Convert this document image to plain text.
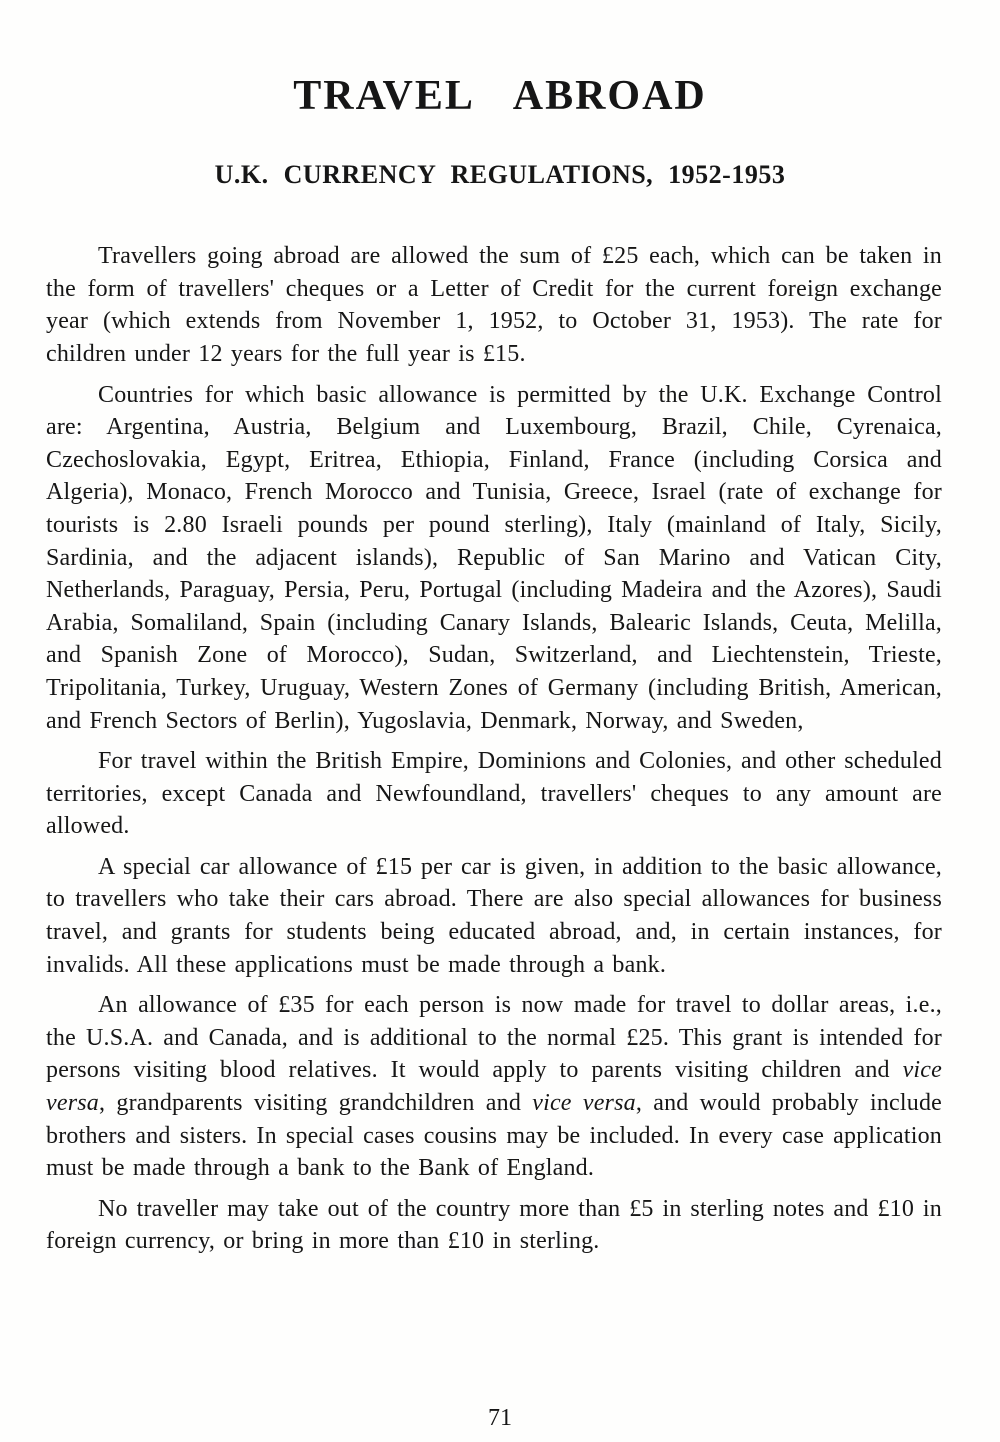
TRAVEL ABROAD
U.K. CURRENCY REGULATIONS, 1952-1953

Travellers going abroad are allowed the sum of £25 each, which can be taken in the form of travellers' cheques or a Letter of Credit for the current foreign exchange year (which extends from November 1, 1952, to October 31, 1953). The rate for children under 12 years for the full year is £15.

Countries for which basic allowance is permitted by the U.K. Exchange Control are: Argentina, Austria, Belgium and Luxembourg, Brazil, Chile, Cyrenaica, Czechoslovakia, Egypt, Eritrea, Ethiopia, Finland, France (including Corsica and Algeria), Monaco, French Morocco and Tunisia, Greece, Israel (rate of exchange for tourists is 2.80 Israeli pounds per pound sterling), Italy (mainland of Italy, Sicily, Sardinia, and the adjacent islands), Republic of San Marino and Vatican City, Netherlands, Paraguay, Persia, Peru, Portugal (including Madeira and the Azores), Saudi Arabia, Somaliland, Spain (including Canary Islands, Balearic Islands, Ceuta, Melilla, and Spanish Zone of Morocco), Sudan, Switzerland, and Liechtenstein, Trieste, Tripolitania, Turkey, Uruguay, Western Zones of Germany (including British, American, and French Sectors of Berlin), Yugoslavia, Denmark, Norway, and Sweden,

For travel within the British Empire, Dominions and Colonies, and other scheduled territories, except Canada and Newfoundland, travellers' cheques to any amount are allowed.

A special car allowance of £15 per car is given, in addition to the basic allowance, to travellers who take their cars abroad. There are also special allowances for business travel, and grants for students being educated abroad, and, in certain instances, for invalids. All these applications must be made through a bank.

An allowance of £35 for each person is now made for travel to dollar areas, i.e., the U.S.A. and Canada, and is additional to the normal £25. This grant is intended for persons visiting blood relatives. It would apply to parents visiting children and vice versa, grandparents visiting grandchildren and vice versa, and would probably include brothers and sisters. In special cases cousins may be included. In every case application must be made through a bank to the Bank of England.

No traveller may take out of the country more than £5 in sterling notes and £10 in foreign currency, or bring in more than £10 in sterling.

71
